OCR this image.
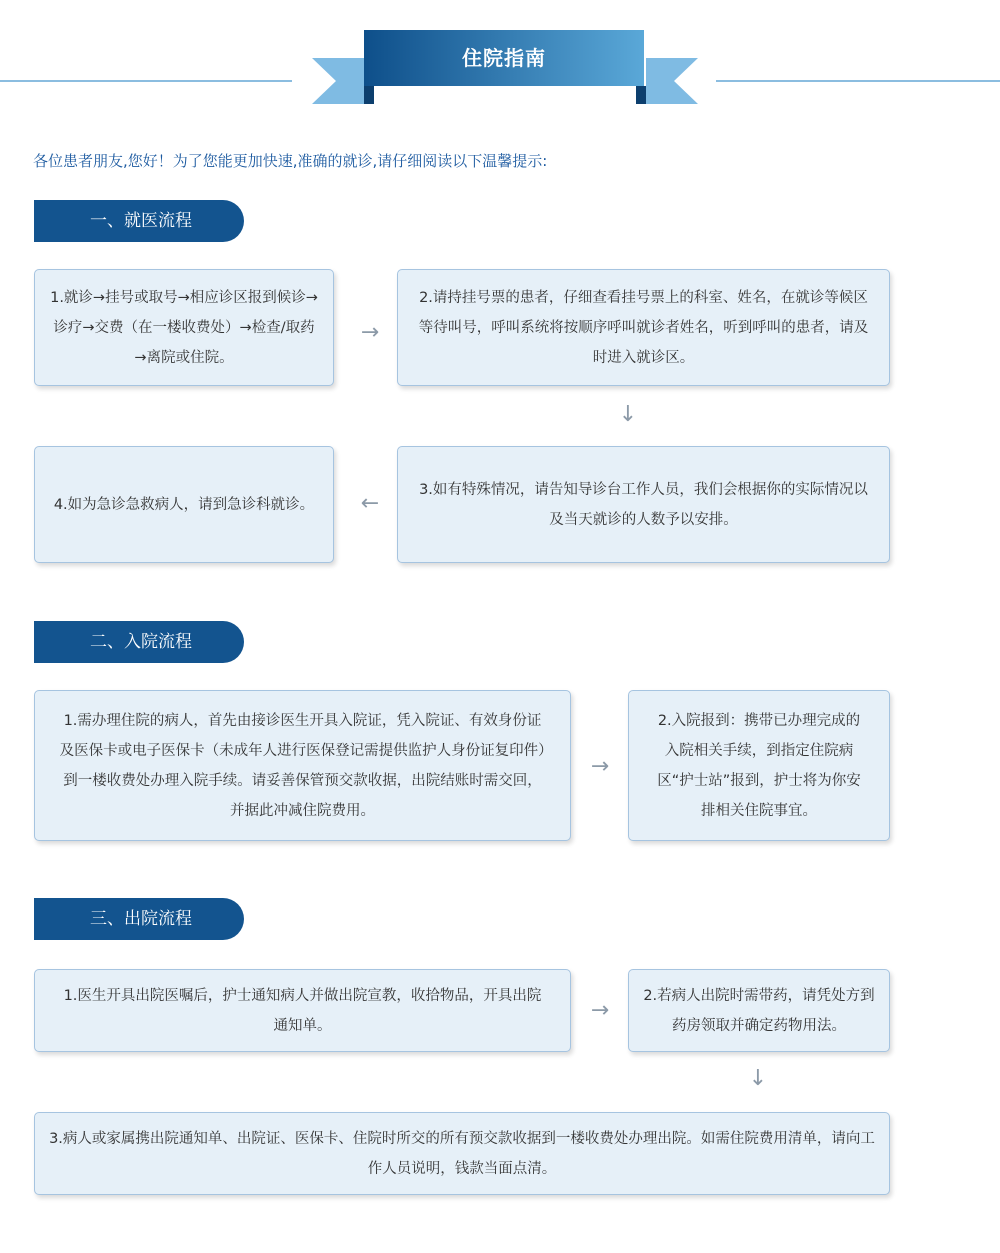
住院指南
各位患者朋友,您好！为了您能更加快速,准确的就诊,请仔细阅读以下温馨提示:
一、就医流程

1.就诊→挂号或取号→相应诊区报到候诊→诊疗→交费（在一楼收费处）→检查/取药→离院或住院。

→

2.请持挂号票的患者，仔细查看挂号票上的科室、姓名，在就诊等候区等待叫号，呼叫系统将按顺序呼叫就诊者姓名，听到呼叫的患者，请及时进入就诊区。

↓

4.如为急诊急救病人，请到急诊科就诊。 ←

3.如有特殊情况，请告知导诊台工作人员，我们会根据你的实际情况以及当天就诊的人数予以安排。

二、入院流程

1.需办理住院的病人，首先由接诊医生开具入院证，凭入院证、有效身份证及医保卡或电子医保卡（未成年人进行医保登记需提供监护人身份证复印件）到一楼收费处办理入院手续。请妥善保管预交款收据，出院结账时需交回，并据此冲减住院费用。

→

2.入院报到：携带已办理完成的入院相关手续，到指定住院病区“护士站”报到，护士将为你安排相关住院事宜。

三、出院流程

1.医生开具出院医嘱后，护士通知病人并做出院宣教，收拾物品，开具出院通知单。

→

2.若病人出院时需带药，请凭处方到药房领取并确定药物用法。

↓

3.病人或家属携出院通知单、出院证、医保卡、住院时所交的所有预交款收据到一楼收费处办理出院。如需住院费用清单，请向工作人员说明，钱款当面点清。
